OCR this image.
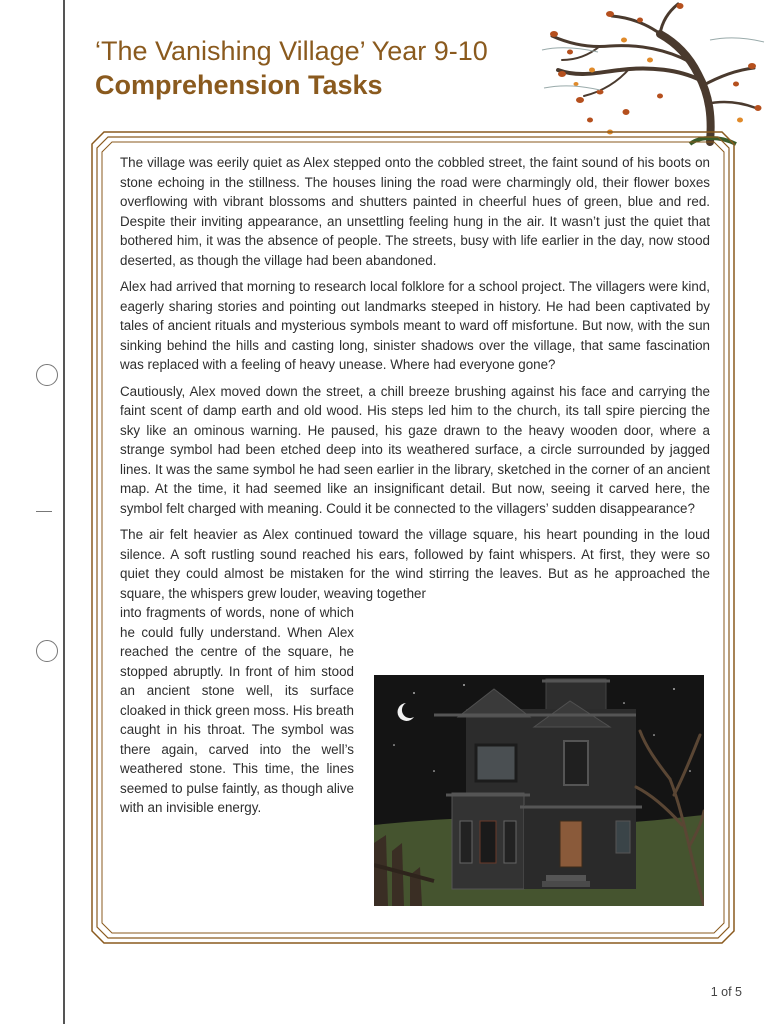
‘The Vanishing Village’ Year 9-10
Comprehension Tasks

The village was eerily quiet as Alex stepped onto the cobbled street, the faint sound of his boots on stone echoing in the stillness. The houses lining the road were charmingly old, their flower boxes overflowing with vibrant blossoms and shutters painted in cheerful hues of green, blue and red. Despite their inviting appearance, an unsettling feeling hung in the air. It wasn’t just the quiet that bothered him, it was the absence of people. The streets, busy with life earlier in the day, now stood deserted, as though the village had been abandoned.

Alex had arrived that morning to research local folklore for a school project. The villagers were kind, eagerly sharing stories and pointing out landmarks steeped in history. He had been captivated by tales of ancient rituals and mysterious symbols meant to ward off misfortune. But now, with the sun sinking behind the hills and casting long, sinister shadows over the village, that same fascination was replaced with a feeling of heavy unease. Where had everyone gone?

Cautiously, Alex moved down the street, a chill breeze brushing against his face and carrying the faint scent of damp earth and old wood. His steps led him to the church, its tall spire piercing the sky like an ominous warning. He paused, his gaze drawn to the heavy wooden door, where a strange symbol had been etched deep into its weathered surface, a circle surrounded by jagged lines. It was the same symbol he had seen earlier in the library, sketched in the corner of an ancient map. At the time, it had seemed like an insignificant detail. But now, seeing it carved here, the symbol felt charged with meaning. Could it be connected to the villagers’ sudden disappearance?

The air felt heavier as Alex continued toward the village square, his heart pounding in the loud silence. A soft rustling sound reached his ears, followed by faint whispers. At first, they were so quiet they could almost be mistaken for the wind stirring the leaves. But as he approached the square, the whispers grew louder, weaving together

into fragments of words, none of which he could fully understand. When Alex reached the centre of the square, he stopped abruptly. In front of him stood an ancient stone well, its surface cloaked in thick green moss. His breath caught in his throat. The symbol was there again, carved into the well’s weathered stone. This time, the lines seemed to pulse faintly, as though alive with an invisible energy.

1 of 5
